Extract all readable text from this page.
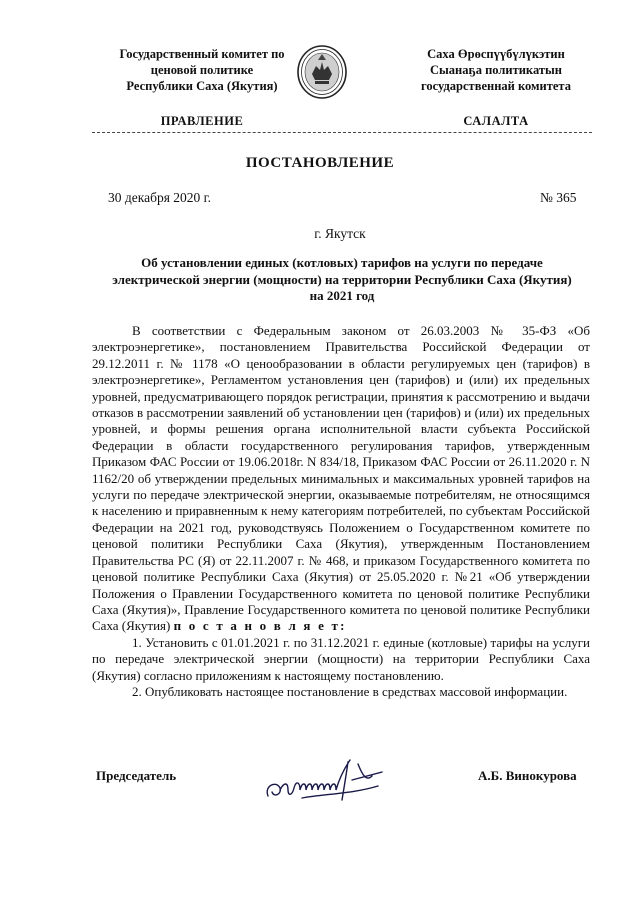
Государственный комитет по
ценовой политике
Республики Саха (Якутия)
Саха Өрөспүүбүлүкэтин
Сыанаҕа политикатын
государственнай комитета
ПРАВЛЕНИЕ	САЛАЛТА
ПОСТАНОВЛЕНИЕ
30 декабря 2020 г.	№ 365
г. Якутск
Об установлении единых (котловых) тарифов на услуги по передаче
электрической энергии (мощности) на территории Республики Саха (Якутия)
на 2021 год

В соответствии с Федеральным законом от 26.03.2003 № 35-ФЗ «Об электроэнергетике», постановлением Правительства Российской Федерации от 29.12.2011 г. № 1178 «О ценообразовании в области регулируемых цен (тарифов) в электроэнергетике», Регламентом установления цен (тарифов) и (или) их предельных уровней, предусматривающего порядок регистрации, принятия к рассмотрению и выдачи отказов в рассмотрении заявлений об установлении цен (тарифов) и (или) их предельных уровней, и формы решения органа исполнительной власти субъекта Российской Федерации в области государственного регулирования тарифов, утвержденным Приказом ФАС России от 19.06.2018г. N 834/18, Приказом ФАС России от 26.11.2020 г. N 1162/20 об утверждении предельных минимальных и максимальных уровней тарифов на услуги по передаче электрической энергии, оказываемые потребителям, не относящимся к населению и приравненным к нему категориям потребителей, по субъектам Российской Федерации на 2021 год, руководствуясь Положением о Государственном комитете по ценовой политики Республики Саха (Якутия), утвержденным Постановлением Правительства РС (Я) от 22.11.2007 г. № 468, и приказом Государственного комитета по ценовой политике Республики Саха (Якутия) от 25.05.2020 г. №21 «Об утверждении Положения о Правлении Государственного комитета по ценовой политике Республики Саха (Якутия)», Правление Государственного комитета по ценовой политике Республики Саха (Якутия) п о с т а н о в л я е т:

1. Установить с 01.01.2021 г. по 31.12.2021 г. единые (котловые) тарифы на услуги по передаче электрической энергии (мощности) на территории Республики Саха (Якутия) согласно приложениям к настоящему постановлению.

2. Опубликовать настоящее постановление в средствах массовой информации.

Председатель	А.Б. Винокурова
